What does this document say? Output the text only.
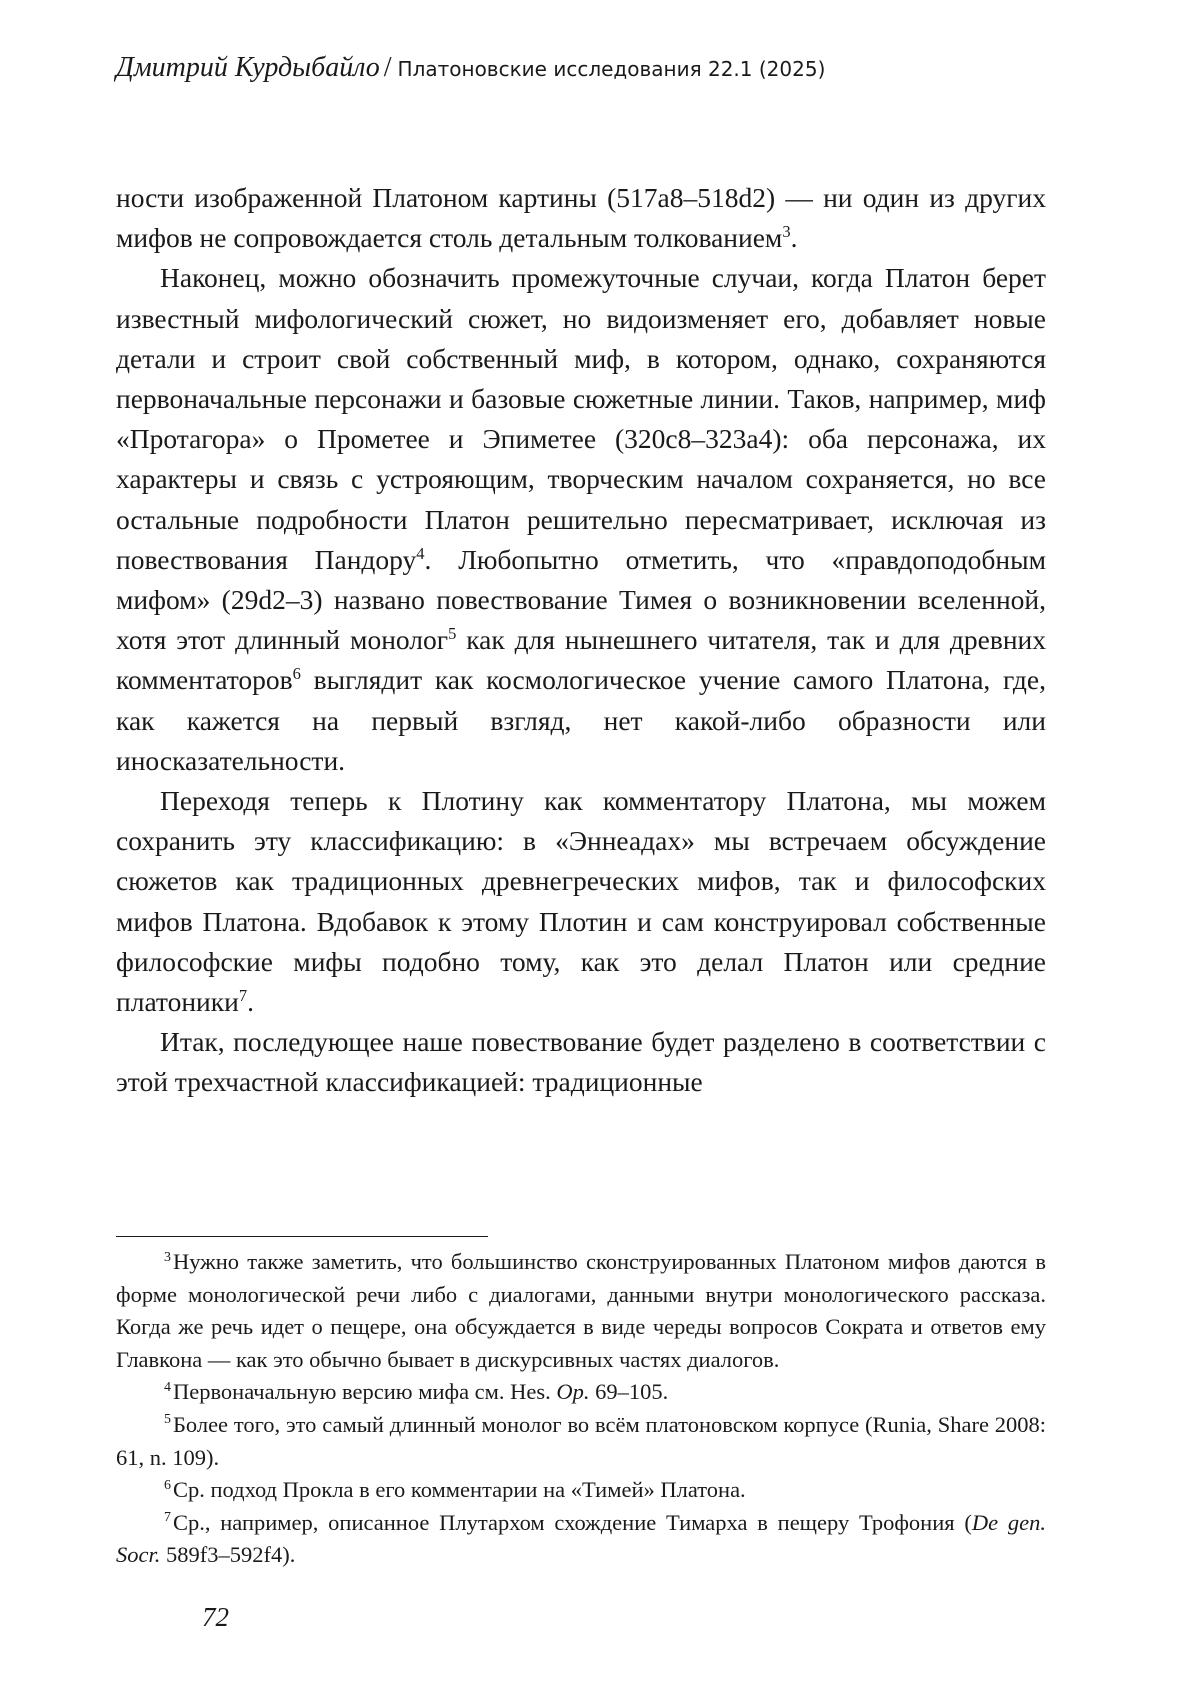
Дмитрий Курдыбайло / Платоновские исследования 22.1 (2025)

ности изображенной Платоном картины (517a8–518d2) — ни один из других мифов не сопровождается столь детальным толкованием$^3$.

Наконец, можно обозначить промежуточные случаи, когда Платон берет известный мифологический сюжет, но видоизменяет его, добавляет новые детали и строит свой собственный миф, в котором, однако, сохраняются первоначальные персонажи и базовые сюжетные линии. Таков, например, миф «Протагора» о Прометее и Эпиметее (320c8–323a4): оба персонажа, их характеры и связь с устрояющим, творческим началом сохраняется, но все остальные подробности Платон решительно пересматривает, исключая из повествования Пандору$^4$. Любопытно отметить, что «правдоподобным мифом» (29d2–3) названо повествование Тимея о возникновении вселенной, хотя этот длинный монолог$^5$ как для нынешнего читателя, так и для древних комментаторов$^6$ выглядит как космологическое учение самого Платона, где, как кажется на первый взгляд, нет какой-либо образности или иносказательности.

Переходя теперь к Плотину как комментатору Платона, мы можем сохранить эту классификацию: в «Эннеадах» мы встречаем обсуждение сюжетов как традиционных древнегреческих мифов, так и философских мифов Платона. Вдобавок к этому Плотин и сам конструировал собственные философские мифы подобно тому, как это делал Платон или средние платоники$^7$.

Итак, последующее наше повествование будет разделено в соответствии с этой трехчастной классификацией: традиционные

$^3$Нужно также заметить, что большинство сконструированных Платоном мифов даются в форме монологической речи либо с диалогами, данными внутри монологического рассказа. Когда же речь идет о пещере, она обсуждается в виде череды вопросов Сократа и ответов ему Главкона — как это обычно бывает в дискурсивных частях диалогов.

$^4$Первоначальную версию мифа см. Hes. Op. 69–105.

$^5$Более того, это самый длинный монолог во всём платоновском корпусе (Runia, Share 2008: 61, n. 109).

$^6$Ср. подход Прокла в его комментарии на «Тимей» Платона.

$^7$Ср., например, описанное Плутархом схождение Тимарха в пещеру Трофония (De gen. Socr. 589f3–592f4).

72
